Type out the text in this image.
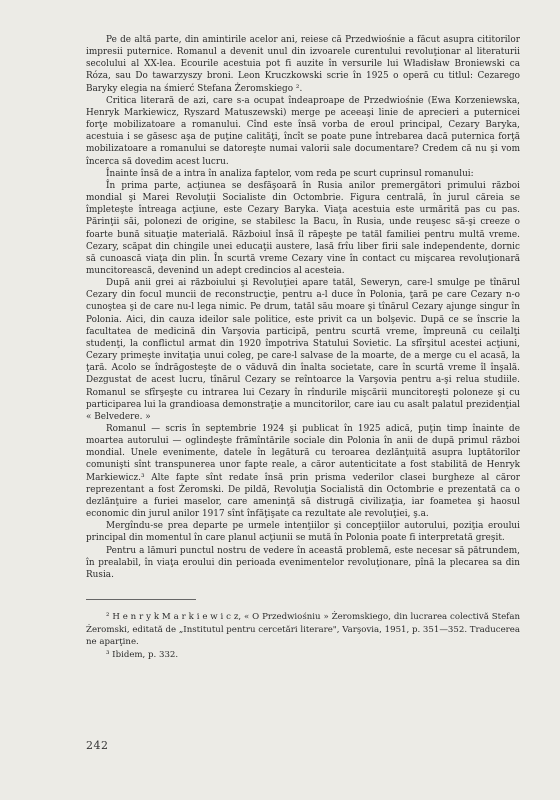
Pe de altă parte, din amintirile acelor ani, reiese că Przedwiośnie a făcut asupra cititorilor impresii puternice. Romanul a devenit unul din izvoarele curentului revoluţionar al literaturii secolului al XX-lea. Ecourile acestuia pot fi auzite în versurile lui Władisław Broniewski ca Róza, sau Do tawarzyszy broni. Leon Kruczkowski scrie în 1925 o operă cu titlul: Cezarego Baryky elegia na śmierć Stefana Żeromskiego ².

Critica literară de azi, care s-a ocupat îndeaproape de Przedwiośnie (Ewa Korzeniewska, Henryk Markiewicz, Ryszard Matuszewski) merge pe aceeaşi linie de aprecieri a puternicei forţe mobilizatoare a romanului. Cînd este însă vorba de eroul principal, Cezary Baryka, acestuia i se găsesc aşa de puţine calităţi, încît se poate pune întrebarea dacă puternica forţă mobilizatoare a romanului se datoreşte numai valorii sale documentare? Credem că nu şi vom încerca să dovedim acest lucru.

Înainte însă de a intra în analiza faptelor, vom reda pe scurt cuprinsul romanului:

În prima parte, acţiunea se desfăşoară în Rusia anilor premergători primului război mondial şi Marei Revoluţii Socialiste din Octombrie. Figura centrală, în jurul căreia se împleteşte întreaga acţiune, este Cezary Baryka. Viaţa acestuia este urmărită pas cu pas. Părinţii săi, polonezi de origine, se stabilesc la Bacu, în Rusia, unde reuşesc să-şi creeze o foarte bună situaţie materială. Războiul însă îl răpeşte pe tatăl familiei pentru multă vreme. Cezary, scăpat din chingile unei educaţii austere, lasă frîu liber firii sale independente, dornic să cunoască viaţa din plin. În scurtă vreme Cezary vine în contact cu mişcarea revoluţionară muncitorească, devenind un adept credincios al acesteia.

După anii grei ai războiului şi Revoluţiei apare tatăl, Seweryn, care-l smulge pe tînărul Cezary din focul muncii de reconstrucţie, pentru a-l duce în Polonia, ţară pe care Cezary n-o cunoştea şi de care nu-l lega nimic. Pe drum, tatăl său moare şi tînărul Cezary ajunge singur în Polonia. Aici, din cauza ideilor sale politice, este privit ca un bolşevic. După ce se înscrie la facultatea de medicină din Varşovia participă, pentru scurtă vreme, împreună cu ceilalţi studenţi, la conflictul armat din 1920 împotriva Statului Sovietic. La sfîrşitul acestei acţiuni, Cezary primeşte invitaţia unui coleg, pe care-l salvase de la moarte, de a merge cu el acasă, la ţară. Acolo se îndrăgosteşte de o văduvă din înalta societate, care în scurtă vreme îl înşală. Dezgustat de acest lucru, tînărul Cezary se reîntoarce la Varşovia pentru a-şi relua studiile. Romanul se sfîrşeşte cu intrarea lui Cezary în rîndurile mişcării muncitoreşti poloneze şi cu participarea lui la grandioasa demonstraţie a muncitorilor, care iau cu asalt palatul prezidenţial « Belvedere. »

Romanul — scris în septembrie 1924 şi publicat în 1925 adică, puţin timp înainte de moartea autorului — oglindeşte frămîntările sociale din Polonia în anii de după primul război mondial. Unele evenimente, datele în legătură cu teroarea dezlănţuită asupra luptătorilor comunişti sînt transpunerea unor fapte reale, a căror autenticitate a fost stabilită de Henryk Markiewicz.³ Alte fapte sînt redate însă prin prisma vederilor clasei burgheze al căror reprezentant a fost Żeromski. De pildă, Revoluţia Socialistă din Octombrie e prezentată ca o dezlănţuire a furiei maselor, care ameninţă să distrugă civilizaţia, iar foametea şi haosul economic din jurul anilor 1917 sînt înfăţişate ca rezultate ale revoluţiei, ş.a.

Mergîndu-se prea departe pe urmele intenţiilor şi concepţiilor autorului, poziţia eroului principal din momentul în care planul acţiunii se mută în Polonia poate fi interpretată greşit.

Pentru a lămuri punctul nostru de vedere în această problemă, este necesar să pătrundem, în prealabil, în viaţa eroului din perioada evenimentelor revoluţionare, pînă la plecarea sa din Rusia.

² H e n r y k M a r k i e w i c z, « O Przedwiośniu » Żeromskiego, din lucrarea colectivă Stefan Żeromski, editată de „Institutul pentru cercetări literare", Varşovia, 1951, p. 351—352. Traducerea ne aparţine.

³ Ibidem, p. 332.

242
